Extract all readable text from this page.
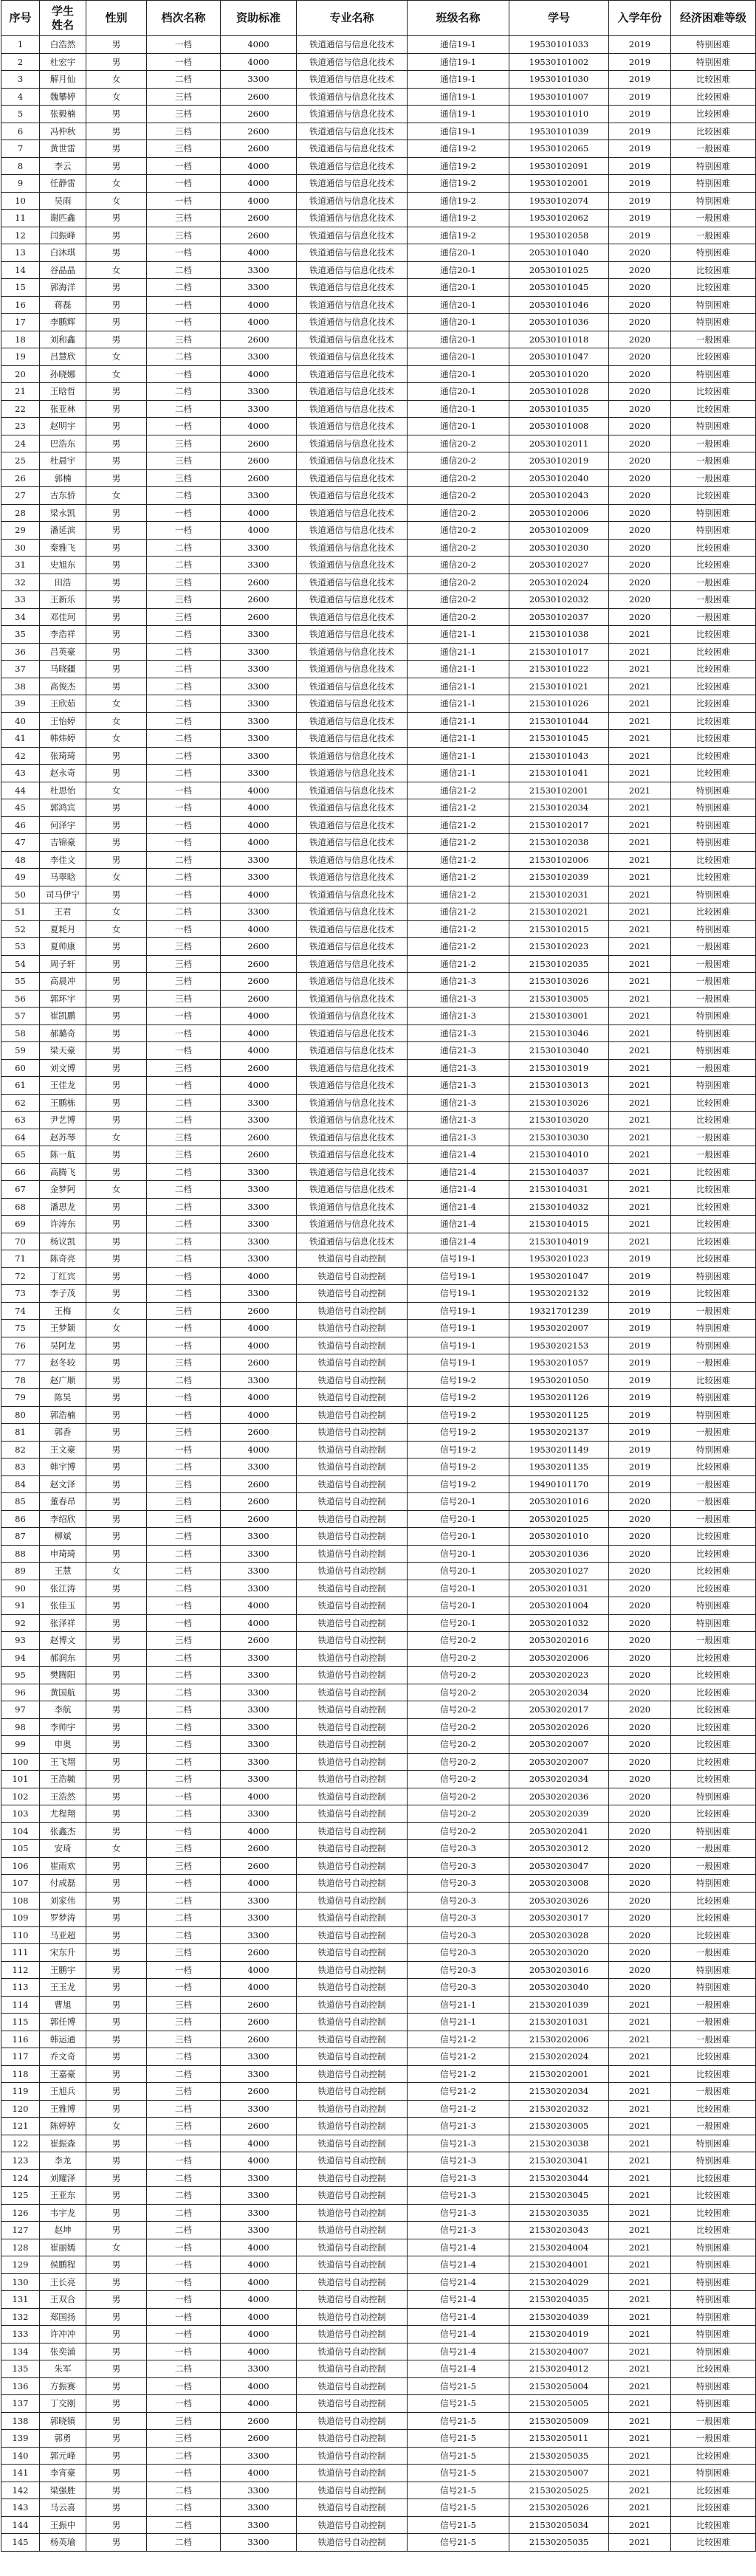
序号	学生姓名	性别	档次名称	资助标准	专业名称	班级名称	学号	入学年份	经济困难等级
1	白浩然	男	一档	4000	铁道通信与信息化技术	通信19-1	19530101033	2019	特别困难
2	杜宏宇	男	一档	4000	铁道通信与信息化技术	通信19-1	19530101002	2019	特别困难
3	解月仙	女	二档	3300	铁道通信与信息化技术	通信19-1	19530101030	2019	比较困难
4	魏攀婷	女	三档	2600	铁道通信与信息化技术	通信19-1	19530101007	2019	比较困难
5	张毅楠	男	三档	2600	铁道通信与信息化技术	通信19-1	19530101010	2019	比较困难
6	冯仲秋	男	三档	2600	铁道通信与信息化技术	通信19-1	19530101039	2019	比较困难
7	黄世雷	男	三档	2600	铁道通信与信息化技术	通信19-2	19530102065	2019	一般困难
8	李云	男	一档	4000	铁道通信与信息化技术	通信19-2	19530102091	2019	特别困难
9	任静雷	女	一档	4000	铁道通信与信息化技术	通信19-2	19530102001	2019	特别困难
10	吴雨	女	一档	4000	铁道通信与信息化技术	通信19-2	19530102074	2019	特别困难
11	谢匹鑫	男	三档	2600	铁道通信与信息化技术	通信19-2	19530102062	2019	一般困难
12	闫振峰	男	三档	2600	铁道通信与信息化技术	通信19-2	19530102058	2019	一般困难
13	白沐琪	男	一档	4000	铁道通信与信息化技术	通信20-1	20530101040	2020	特别困难
14	谷晶晶	女	二档	3300	铁道通信与信息化技术	通信20-1	20530101025	2020	比较困难
15	郭海洋	男	二档	3300	铁道通信与信息化技术	通信20-1	20530101045	2020	比较困难
16	蒋磊	男	一档	4000	铁道通信与信息化技术	通信20-1	20530101046	2020	特别困难
17	李鹏辉	男	一档	4000	铁道通信与信息化技术	通信20-1	20530101036	2020	特别困难
18	刘和鑫	男	三档	2600	铁道通信与信息化技术	通信20-1	20530101018	2020	一般困难
19	吕慧欣	女	二档	3300	铁道通信与信息化技术	通信20-1	20530101047	2020	比较困难
20	孙晓娜	女	一档	4000	铁道通信与信息化技术	通信20-1	20530101020	2020	特别困难
21	王晗哲	男	二档	3300	铁道通信与信息化技术	通信20-1	20530101028	2020	比较困难
22	张亚林	男	二档	3300	铁道通信与信息化技术	通信20-1	20530101035	2020	比较困难
23	赵明宇	男	一档	4000	铁道通信与信息化技术	通信20-1	20530101008	2020	特别困难
24	巴浩东	男	三档	2600	铁道通信与信息化技术	通信20-2	20530102011	2020	一般困难
25	杜晨宇	男	三档	2600	铁道通信与信息化技术	通信20-2	20530102019	2020	一般困难
26	郭楠	男	三档	2600	铁道通信与信息化技术	通信20-2	20530102040	2020	一般困难
27	古东骄	女	二档	3300	铁道通信与信息化技术	通信20-2	20530102043	2020	比较困难
28	梁永凯	男	一档	4000	铁道通信与信息化技术	通信20-2	20530102006	2020	特别困难
29	潘延滨	男	一档	4000	铁道通信与信息化技术	通信20-2	20530102009	2020	特别困难
30	秦雅飞	男	二档	3300	铁道通信与信息化技术	通信20-2	20530102030	2020	比较困难
31	史旭东	男	二档	3300	铁道通信与信息化技术	通信20-2	20530102027	2020	比较困难
32	田浩	男	三档	2600	铁道通信与信息化技术	通信20-2	20530102024	2020	一般困难
33	王新乐	男	三档	2600	铁道通信与信息化技术	通信20-2	20530102032	2020	一般困难
34	邓佳珂	男	三档	2600	铁道通信与信息化技术	通信20-2	20530102037	2020	一般困难
35	李浩祥	男	二档	3300	铁道通信与信息化技术	通信21-1	21530101038	2021	比较困难
36	吕英豪	男	二档	3300	铁道通信与信息化技术	通信21-1	21530101017	2021	比较困难
37	马晓疆	男	二档	3300	铁道通信与信息化技术	通信21-1	21530101022	2021	比较困难
38	高俊杰	男	二档	3300	铁道通信与信息化技术	通信21-1	21530101021	2021	比较困难
39	王欣茹	女	二档	3300	铁道通信与信息化技术	通信21-1	21530101026	2021	比较困难
40	王怡婷	女	二档	3300	铁道通信与信息化技术	通信21-1	21530101044	2021	比较困难
41	韩炜婷	女	二档	3300	铁道通信与信息化技术	通信21-1	21530101045	2021	比较困难
42	张琦琦	男	二档	3300	铁道通信与信息化技术	通信21-1	21530101043	2021	比较困难
43	赵永奇	男	二档	3300	铁道通信与信息化技术	通信21-1	21530101041	2021	比较困难
44	杜思怡	女	一档	4000	铁道通信与信息化技术	通信21-2	21530102001	2021	特别困难
45	郭鸿宾	男	一档	4000	铁道通信与信息化技术	通信21-2	21530102034	2021	特别困难
46	何泽宇	男	一档	4000	铁道通信与信息化技术	通信21-2	21530102017	2021	特别困难
47	吉锦豪	男	一档	4000	铁道通信与信息化技术	通信21-2	21530102038	2021	特别困难
48	李佳文	男	二档	3300	铁道通信与信息化技术	通信21-2	21530102006	2021	比较困难
49	马翠晗	女	二档	3300	铁道通信与信息化技术	通信21-2	21530102039	2021	比较困难
50	司马伊宁	男	一档	4000	铁道通信与信息化技术	通信21-2	21530102031	2021	特别困难
51	王君	女	二档	3300	铁道通信与信息化技术	通信21-2	21530102021	2021	比较困难
52	夏耗月	女	一档	4000	铁道通信与信息化技术	通信21-2	21530102015	2021	特别困难
53	夏帅康	男	三档	2600	铁道通信与信息化技术	通信21-2	21530102023	2021	一般困难
54	周子轩	男	三档	2600	铁道通信与信息化技术	通信21-2	21530102035	2021	一般困难
55	高晨冲	男	三档	2600	铁道通信与信息化技术	通信21-3	21530103026	2021	一般困难
56	郭环宇	男	三档	2600	铁道通信与信息化技术	通信21-3	21530103005	2021	一般困难
57	崔凯鹏	男	一档	4000	铁道通信与信息化技术	通信21-3	21530103001	2021	特别困难
58	郝璐奇	男	一档	4000	铁道通信与信息化技术	通信21-3	21530103046	2021	特别困难
59	梁天豪	男	一档	4000	铁道通信与信息化技术	通信21-3	21530103040	2021	特别困难
60	刘文博	男	三档	2600	铁道通信与信息化技术	通信21-3	21530103019	2021	一般困难
61	王佳龙	男	一档	4000	铁道通信与信息化技术	通信21-3	21530103013	2021	特别困难
62	王鹏栋	男	二档	3300	铁道通信与信息化技术	通信21-3	21530103026	2021	比较困难
63	尹艺博	男	二档	3300	铁道通信与信息化技术	通信21-3	21530103020	2021	比较困难
64	赵苏琴	女	三档	2600	铁道通信与信息化技术	通信21-3	21530103030	2021	一般困难
65	陈一航	男	三档	2600	铁道通信与信息化技术	通信21-4	21530104010	2021	一般困难
66	高腾飞	男	二档	3300	铁道通信与信息化技术	通信21-4	21530104037	2021	比较困难
67	金梦阿	女	二档	3300	铁道通信与信息化技术	通信21-4	21530104031	2021	比较困难
68	潘思龙	男	二档	3300	铁道通信与信息化技术	通信21-4	21530104032	2021	比较困难
69	许涛东	男	二档	3300	铁道通信与信息化技术	通信21-4	21530104015	2021	比较困难
70	杨议凯	男	二档	3300	铁道通信与信息化技术	通信21-4	21530104019	2021	比较困难
71	陈奇亮	男	二档	3300	铁道信号自动控制	信号19-1	19530201023	2019	比较困难
72	丁红宾	男	一档	4000	铁道信号自动控制	信号19-1	19530201047	2019	特别困难
73	李子茂	男	二档	3300	铁道信号自动控制	信号19-1	19530202132	2019	比较困难
74	王梅	女	三档	2600	铁道信号自动控制	信号19-1	19321701239	2019	一般困难
75	王梦颖	女	一档	4000	铁道信号自动控制	信号19-1	19530202007	2019	特别困难
76	吴阿龙	男	一档	4000	铁道信号自动控制	信号19-1	19530202153	2019	特别困难
77	赵冬较	男	三档	2600	铁道信号自动控制	信号19-1	19530201057	2019	一般困难
78	赵广顺	男	二档	3300	铁道信号自动控制	信号19-2	19530201050	2019	比较困难
79	陈昊	男	一档	4000	铁道信号自动控制	信号19-2	19530201126	2019	特别困难
80	郭浩楠	男	一档	4000	铁道信号自动控制	信号19-2	19530201125	2019	特别困难
81	郭香	男	三档	2600	铁道信号自动控制	信号19-2	19530202137	2019	一般困难
82	王文豪	男	一档	4000	铁道信号自动控制	信号19-2	19530201149	2019	特别困难
83	韩宇博	男	二档	3300	铁道信号自动控制	信号19-2	19530201135	2019	比较困难
84	赵文泽	男	三档	2600	铁道信号自动控制	信号19-2	19490101170	2019	一般困难
85	董春昂	男	三档	2600	铁道信号自动控制	信号20-1	20530201016	2020	一般困难
86	李绍欣	男	三档	2600	铁道信号自动控制	信号20-1	20530201025	2020	一般困难
87	柳斌	男	二档	3300	铁道信号自动控制	信号20-1	20530201010	2020	比较困难
88	申琦琦	男	二档	3300	铁道信号自动控制	信号20-1	20530201036	2020	比较困难
89	王慧	女	二档	3300	铁道信号自动控制	信号20-1	20530201027	2020	比较困难
90	张江涛	男	二档	3300	铁道信号自动控制	信号20-1	20530201031	2020	比较困难
91	张佳玉	男	一档	4000	铁道信号自动控制	信号20-1	20530201004	2020	特别困难
92	张泽祥	男	一档	4000	铁道信号自动控制	信号20-1	20530201032	2020	特别困难
93	赵博文	男	三档	2600	铁道信号自动控制	信号20-2	20530202016	2020	一般困难
94	郝润东	男	二档	3300	铁道信号自动控制	信号20-2	20530202006	2020	比较困难
95	樊腾阳	男	二档	3300	铁道信号自动控制	信号20-2	20530202023	2020	比较困难
96	黄国航	男	二档	3300	铁道信号自动控制	信号20-2	20530202034	2020	比较困难
97	李航	男	二档	3300	铁道信号自动控制	信号20-2	20530202017	2020	比较困难
98	李帅宇	男	二档	3300	铁道信号自动控制	信号20-2	20530202026	2020	比较困难
99	申奥	男	二档	3300	铁道信号自动控制	信号20-2	20530202007	2020	比较困难
100	王飞翔	男	二档	3300	铁道信号自动控制	信号20-2	20530202007	2020	比较困难
101	王浩毓	男	二档	3300	铁道信号自动控制	信号20-2	20530202034	2020	比较困难
102	王浩然	男	一档	4000	铁道信号自动控制	信号20-2	20530202036	2020	特别困难
103	尤程翔	男	二档	3300	铁道信号自动控制	信号20-2	20530202039	2020	比较困难
104	张鑫杰	男	一档	4000	铁道信号自动控制	信号20-2	20530202041	2020	特别困难
105	安琦	女	三档	2600	铁道信号自动控制	信号20-3	20530203012	2020	一般困难
106	崔雨欢	男	三档	2600	铁道信号自动控制	信号20-3	20530203047	2020	一般困难
107	付成磊	男	一档	4000	铁道信号自动控制	信号20-3	20530203008	2020	特别困难
108	刘家伟	男	二档	3300	铁道信号自动控制	信号20-3	20530203026	2020	比较困难
109	罗梦涛	男	二档	3300	铁道信号自动控制	信号20-3	20530203017	2020	比较困难
110	马亚超	男	二档	3300	铁道信号自动控制	信号20-3	20530203028	2020	比较困难
111	宋东升	男	三档	2600	铁道信号自动控制	信号20-3	20530203020	2020	一般困难
112	王鹏宇	男	一档	4000	铁道信号自动控制	信号20-3	20530203016	2020	特别困难
113	王玉龙	男	一档	4000	铁道信号自动控制	信号20-3	20530203040	2020	特别困难
114	曹旭	男	三档	2600	铁道信号自动控制	信号21-1	21530201039	2021	一般困难
115	郭任博	男	三档	2600	铁道信号自动控制	信号21-1	21530201031	2021	一般困难
116	韩运通	男	三档	2600	铁道信号自动控制	信号21-2	21530202006	2021	一般困难
117	乔文奇	男	二档	3300	铁道信号自动控制	信号21-2	21530202024	2021	比较困难
118	王嘉豪	男	二档	3300	铁道信号自动控制	信号21-2	21530202001	2021	比较困难
119	王旭兵	男	三档	2600	铁道信号自动控制	信号21-2	21530202034	2021	一般困难
120	王雅博	男	二档	3300	铁道信号自动控制	信号21-2	21530202032	2021	比较困难
121	陈婷婷	女	三档	2600	铁道信号自动控制	信号21-3	21530203005	2021	一般困难
122	崔振森	男	一档	4000	铁道信号自动控制	信号21-3	21530203038	2021	特别困难
123	李龙	男	一档	4000	铁道信号自动控制	信号21-3	21530203041	2021	特别困难
124	刘耀泽	男	二档	3300	铁道信号自动控制	信号21-3	21530203044	2021	比较困难
125	王亚东	男	二档	3300	铁道信号自动控制	信号21-3	21530203045	2021	比较困难
126	韦宇龙	男	二档	3300	铁道信号自动控制	信号21-3	21530203035	2021	比较困难
127	赵坤	男	二档	3300	铁道信号自动控制	信号21-3	21530203043	2021	比较困难
128	崔丽嫣	女	一档	4000	铁道信号自动控制	信号21-4	21530204004	2021	特别困难
129	侯鹏程	男	一档	4000	铁道信号自动控制	信号21-4	21530204001	2021	特别困难
130	王长亮	男	一档	4000	铁道信号自动控制	信号21-4	21530204029	2021	特别困难
131	王双合	男	一档	4000	铁道信号自动控制	信号21-4	21530204035	2021	特别困难
132	郑国扬	男	一档	4000	铁道信号自动控制	信号21-4	21530204039	2021	特别困难
133	许冲冲	男	一档	4000	铁道信号自动控制	信号21-4	21530204019	2021	特别困难
134	张奕浦	男	一档	4000	铁道信号自动控制	信号21-4	21530204007	2021	特别困难
135	朱军	男	二档	3300	铁道信号自动控制	信号21-4	21530204012	2021	比较困难
136	方振赛	男	一档	4000	铁道信号自动控制	信号21-5	21530205004	2021	特别困难
137	丁交刚	男	一档	4000	铁道信号自动控制	信号21-5	21530205005	2021	特别困难
138	郭晓镇	男	三档	2600	铁道信号自动控制	信号21-5	21530205009	2021	一般困难
139	郭勇	男	三档	2600	铁道信号自动控制	信号21-5	21530205011	2021	一般困难
140	郭元峰	男	二档	3300	铁道信号自动控制	信号21-5	21530205035	2021	比较困难
141	李宵豪	男	一档	4000	铁道信号自动控制	信号21-5	21530205007	2021	特别困难
142	梁强胜	男	二档	3300	铁道信号自动控制	信号21-5	21530205025	2021	比较困难
143	马云喜	男	二档	3300	铁道信号自动控制	信号21-5	21530205026	2021	比较困难
144	王振中	男	二档	3300	铁道信号自动控制	信号21-5	21530205034	2021	比较困难
145	杨英瑜	男	二档	3300	铁道信号自动控制	信号21-5	21530205035	2021	比较困难
